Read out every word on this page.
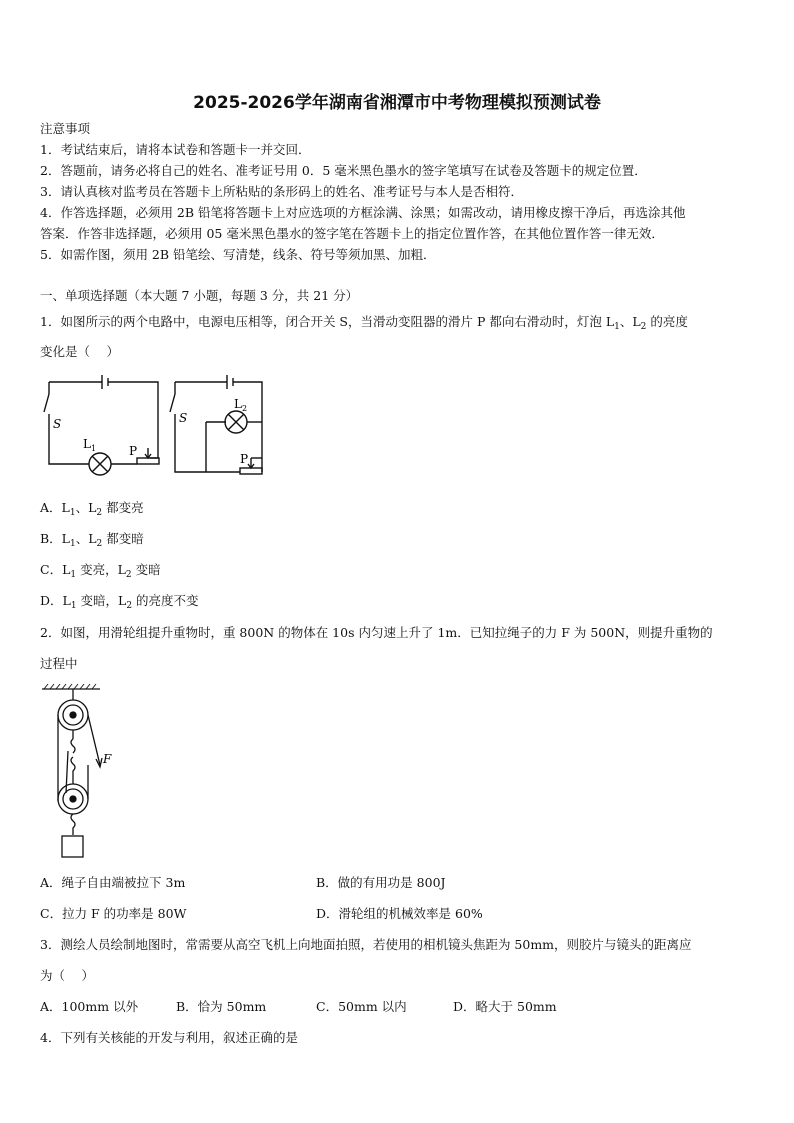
2025-2026学年湖南省湘潭市中考物理模拟预测试卷
注意事项
1．考试结束后，请将本试卷和答题卡一并交回．
2．答题前，请务必将自己的姓名、准考证号用 0．5 毫米黑色墨水的签字笔填写在试卷及答题卡的规定位置．
3．请认真核对监考员在答题卡上所粘贴的条形码上的姓名、准考证号与本人是否相符．
4．作答选择题，必须用 2B 铅笔将答题卡上对应选项的方框涂满、涂黑；如需改动，请用橡皮擦干净后，再选涂其他
答案．作答非选择题，必须用 05 毫米黑色墨水的签字笔在答题卡上的指定位置作答，在其他位置作答一律无效．
5．如需作图，须用 2B 铅笔绘、写清楚，线条、符号等须加黑、加粗．
一、单项选择题（本大题 7 小题，每题 3 分，共 21 分）
1．如图所示的两个电路中，电源电压相等，闭合开关 S，当滑动变阻器的滑片 P 都向右滑动时，灯泡 $L_1$、$L_2$ 的亮度
变化是（　 ）
S
$L_1$	P
S
$L_2$
P
A．$L_1$、$L_2$ 都变亮
B．$L_1$、$L_2$ 都变暗
C．$L_1$ 变亮，$L_2$ 变暗
D．$L_1$ 变暗，$L_2$ 的亮度不变
2．如图，用滑轮组提升重物时，重 800N 的物体在 10s 内匀速上升了 1m．已知拉绳子的力 F 为 500N，则提升重物的
过程中
F
A．绳子自由端被拉下 3m	B．做的有用功是 800J
C．拉力 F 的功率是 80W	D．滑轮组的机械效率是 60%
3．测绘人员绘制地图时，常需要从高空飞机上向地面拍照，若使用的相机镜头焦距为 50mm，则胶片与镜头的距离应
为（　 ）
A．100mm 以外	B．恰为 50mm	C．50mm 以内	D．略大于 50mm
4．下列有关核能的开发与利用，叙述正确的是
